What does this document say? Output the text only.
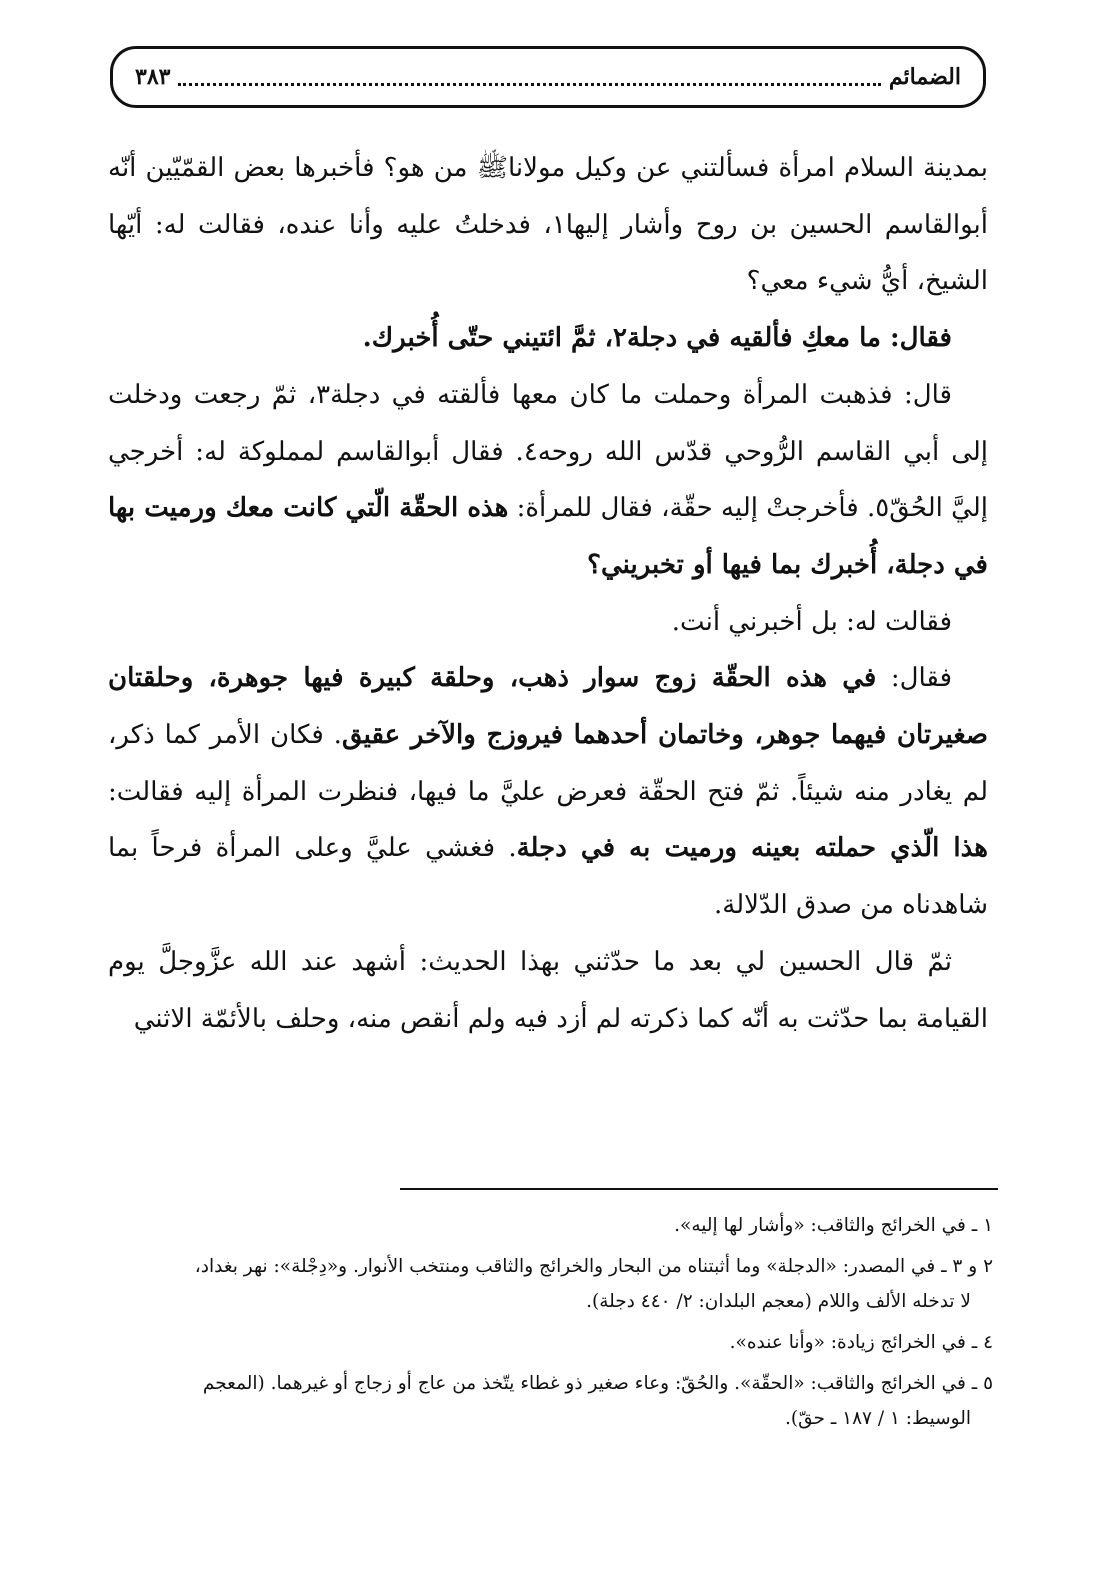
الضمائم
٣٨٣

بمدينة السلام امرأة فسألتني عن وكيل مولاناﷺ من هو؟ فأخبرها بعض القمّيّين أنّه أبوالقاسم الحسين بن روح وأشار إليها١، فدخلتُ عليه وأنا عنده، فقالت له: أيّها الشيخ، أيُّ شيء معي؟

فقال: ما معكِ فألقيه في دجلة٢، ثمَّ ائتيني حتّى أُخبرك.

قال: فذهبت المرأة وحملت ما كان معها فألقته في دجلة٣، ثمّ رجعت ودخلت إلى أبي القاسم الرُّوحي قدّس الله روحه٤. فقال أبوالقاسم لمملوكة له: أخرجي إليَّ الحُقّ٥. فأخرجتْ إليه حقّة، فقال للمرأة: هذه الحقّة الّتي كانت معك ورميت بها في دجلة، أُخبرك بما فيها أو تخبريني؟

فقالت له: بل أخبرني أنت.

فقال: في هذه الحقّة زوج سوار ذهب، وحلقة كبيرة فيها جوهرة، وحلقتان صغيرتان فيهما جوهر، وخاتمان أحدهما فيروزج والآخر عقيق. فكان الأمر كما ذكر، لم يغادر منه شيئاً. ثمّ فتح الحقّة فعرض عليَّ ما فيها، فنظرت المرأة إليه فقالت: هذا الّذي حملته بعينه ورميت به في دجلة. فغشي عليَّ وعلى المرأة فرحاً بما شاهدناه من صدق الدّلالة.

ثمّ قال الحسين لي بعد ما حدّثني بهذا الحديث: أشهد عند الله عزَّوجلَّ يوم القيامة بما حدّثت به أنّه كما ذكرته لم أزد فيه ولم أنقص منه، وحلف بالأئمّة الاثني

١ ـ في الخرائج والثاقب: «وأشار لها إليه».

٢ و ٣ ـ في المصدر: «الدجلة» وما أثبتناه من البحار والخرائج والثاقب ومنتخب الأنوار. و«دِجْلة»: نهر بغداد،
لا تدخله الألف واللام (معجم البلدان: ٢/ ٤٤٠ دجلة).

٤ ـ في الخرائج زيادة: «وأنا عنده».

٥ ـ في الخرائج والثاقب: «الحقّة». والحُقّ: وعاء صغير ذو غطاء يتّخذ من عاج أو زجاج أو غيرهما. (المعجم
الوسيط: ١ / ١٨٧ ـ حقّ).
